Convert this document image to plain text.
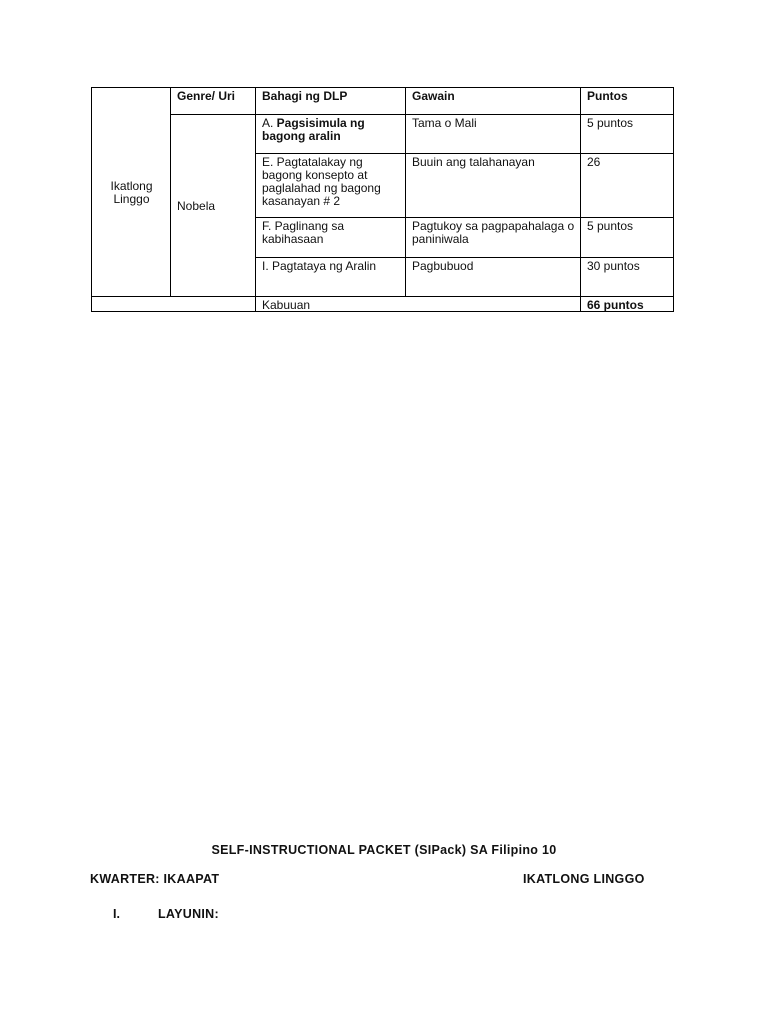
Ikatlong Linggo	Genre/ Uri	Bahagi ng DLP	Gawain	Puntos
	Nobela	A. Pagsisimula ng bagong aralin	Tama o Mali	5 puntos
		E. Pagtatalakay ng bagong konsepto at paglalahad ng bagong kasanayan # 2	Buuin ang talahanayan	26
		F. Paglinang sa kabihasaan	Pagtukoy sa pagpapahalaga o paniniwala	5 puntos
		I. Pagtataya ng Aralin	Pagbubuod	30 puntos
		Kabuuan		66 puntos
SELF-INSTRUCTIONAL PACKET (SIPack) SA Filipino 10
KWARTER: IKAAPAT	IKATLONG LINGGO
I.	LAYUNIN:
